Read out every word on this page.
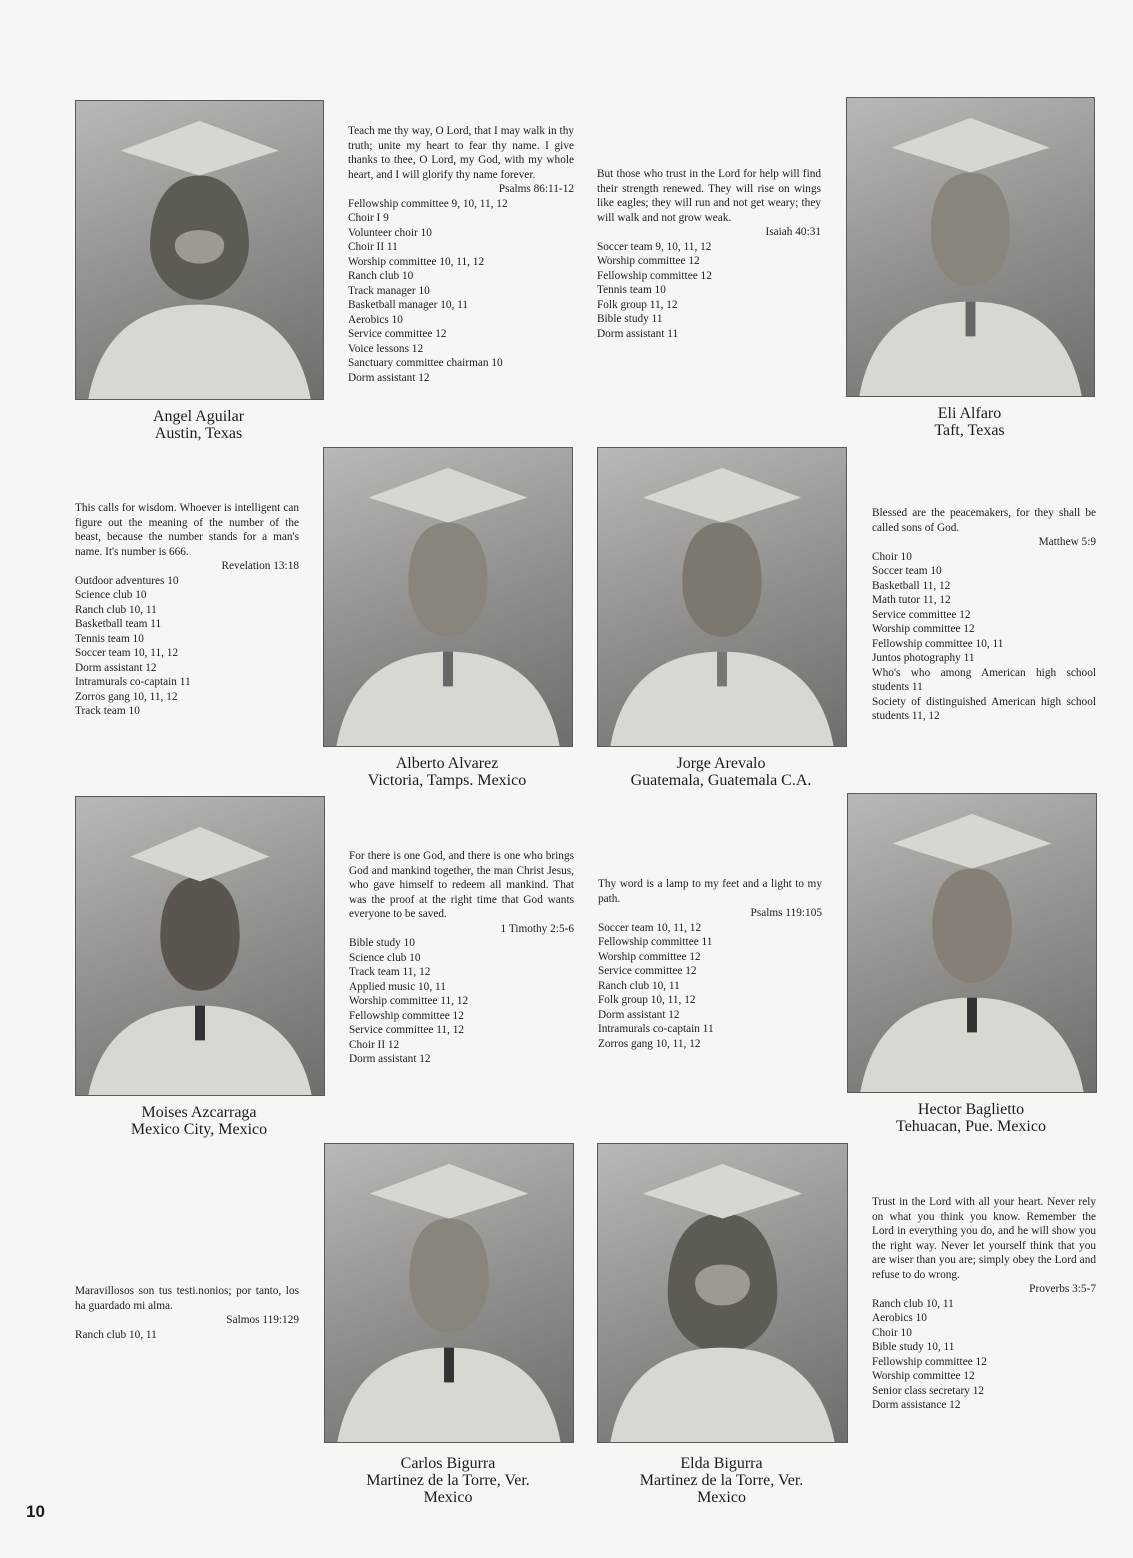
Angel Aguilar
Austin, Texas
Teach me thy way, O Lord, that I may walk in thy truth; unite my heart to fear thy name. I give thanks to thee, O Lord, my God, with my whole heart, and I will glorify thy name forever.
Psalms 86:11-12
Fellowship committee 9, 10, 11, 12
Choir I 9
Volunteer choir 10
Choir II 11
Worship committee 10, 11, 12
Ranch club 10
Track manager 10
Basketball manager 10, 11
Aerobics 10
Service committee 12
Voice lessons 12
Sanctuary committee chairman 10
Dorm assistant 12
But those who trust in the Lord for help will find their strength renewed. They will rise on wings like eagles; they will run and not get weary; they will walk and not grow weak.
Isaiah 40:31
Soccer team 9, 10, 11, 12
Worship committee 12
Fellowship committee 12
Tennis team 10
Folk group 11, 12
Bible study 11
Dorm assistant 11
Eli Alfaro
Taft, Texas
This calls for wisdom. Whoever is intelligent can figure out the meaning of the number of the beast, because the number stands for a man's name. It's number is 666.
Revelation 13:18
Outdoor adventures 10
Science club 10
Ranch club 10, 11
Basketball team 11
Tennis team 10
Soccer team 10, 11, 12
Dorm assistant 12
Intramurals co-captain 11
Zorros gang 10, 11, 12
Track team 10
Alberto Alvarez
Victoria, Tamps. Mexico
Jorge Arevalo
Guatemala, Guatemala C.A.
Blessed are the peacemakers, for they shall be called sons of God.
Matthew 5:9
Choir 10
Soccer team 10
Basketball 11, 12
Math tutor 11, 12
Service committee 12
Worship committee 12
Fellowship committee 10, 11
Juntos photography 11
Who's who among American high school students 11
Society of distinguished American high school students 11, 12
Moises Azcarraga
Mexico City, Mexico
For there is one God, and there is one who brings God and mankind together, the man Christ Jesus, who gave himself to redeem all mankind. That was the proof at the right time that God wants everyone to be saved.
1 Timothy 2:5-6
Bible study 10
Science club 10
Track team 11, 12
Applied music 10, 11
Worship committee 11, 12
Fellowship committee 12
Service committee 11, 12
Choir II 12
Dorm assistant 12
Thy word is a lamp to my feet and a light to my path.
Psalms 119:105
Soccer team 10, 11, 12
Fellowship committee 11
Worship committee 12
Service committee 12
Ranch club 10, 11
Folk group 10, 11, 12
Dorm assistant 12
Intramurals co-captain 11
Zorros gang 10, 11, 12
Hector Baglietto
Tehuacan, Pue. Mexico
Maravillosos son tus testi.nonios; por tanto, los ha guardado mi alma.
Salmos 119:129
Ranch club 10, 11
Carlos Bigurra
Martinez de la Torre, Ver.
Mexico
Elda Bigurra
Martinez de la Torre, Ver.
Mexico
Trust in the Lord with all your heart. Never rely on what you think you know. Remember the Lord in everything you do, and he will show you the right way. Never let yourself think that you are wiser than you are; simply obey the Lord and refuse to do wrong.
Proverbs 3:5-7
Ranch club 10, 11
Aerobics 10
Choir 10
Bible study 10, 11
Fellowship committee 12
Worship committee 12
Senior class secretary 12
Dorm assistance 12
10
